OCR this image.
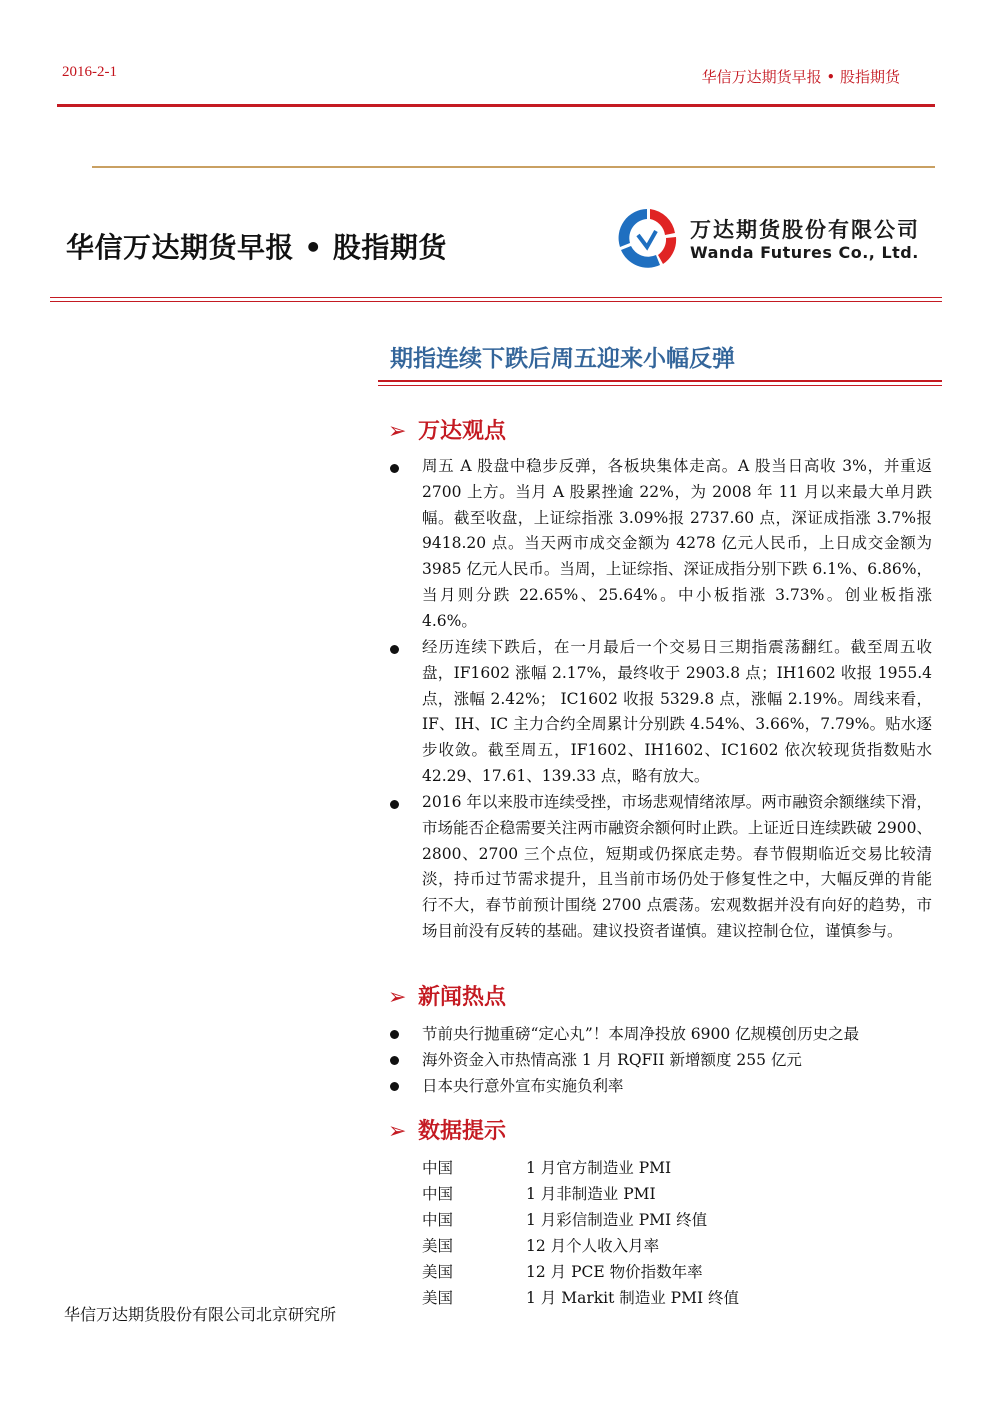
2016-2-1	华信万达期货早报 • 股指期货
华信万达期货早报 • 股指期货
万达期货股份有限公司
Wanda Futures Co., Ltd.
期指连续下跌后周五迎来小幅反弹
➢ 万达观点
周五 A 股盘中稳步反弹，各板块集体走高。A 股当日高收 3%，并重返 2700 上方。当月 A 股累挫逾 22%，为 2008 年 11 月以来最大单月跌幅。截至收盘，上证综指涨 3.09%报 2737.60 点，深证成指涨 3.7%报 9418.20 点。当天两市成交金额为 4278 亿元人民币，上日成交金额为 3985 亿元人民币。当周，上证综指、深证成指分别下跌 6.1%、6.86%，当月则分跌 22.65%、25.64%。中小板指涨 3.73%。创业板指涨 4.6%。
经历连续下跌后，在一月最后一个交易日三期指震荡翻红。截至周五收盘，IF1602 涨幅 2.17%，最终收于 2903.8 点；IH1602 收报 1955.4 点，涨幅 2.42%； IC1602 收报 5329.8 点，涨幅 2.19%。周线来看，IF、IH、IC 主力合约全周累计分别跌 4.54%、3.66%，7.79%。贴水逐步收敛。截至周五，IF1602、IH1602、IC1602 依次较现货指数贴水 42.29、17.61、139.33 点，略有放大。
2016 年以来股市连续受挫，市场悲观情绪浓厚。两市融资余额继续下滑，市场能否企稳需要关注两市融资余额何时止跌。上证近日连续跌破 2900、2800、2700 三个点位，短期或仍探底走势。春节假期临近交易比较清淡，持币过节需求提升，且当前市场仍处于修复性之中，大幅反弹的肯能行不大，春节前预计围绕 2700 点震荡。宏观数据并没有向好的趋势，市场目前没有反转的基础。建议投资者谨慎。建议控制仓位，谨慎参与。
➢ 新闻热点
节前央行抛重磅“定心丸”！本周净投放 6900 亿规模创历史之最
海外资金入市热情高涨 1 月 RQFII 新增额度 255 亿元
日本央行意外宣布实施负利率
➢ 数据提示
中国	1 月官方制造业 PMI
中国	1 月非制造业 PMI
中国	1 月彩信制造业 PMI 终值
美国	12 月个人收入月率
美国	12 月 PCE 物价指数年率
美国	1 月 Markit 制造业 PMI 终值
华信万达期货股份有限公司北京研究所
